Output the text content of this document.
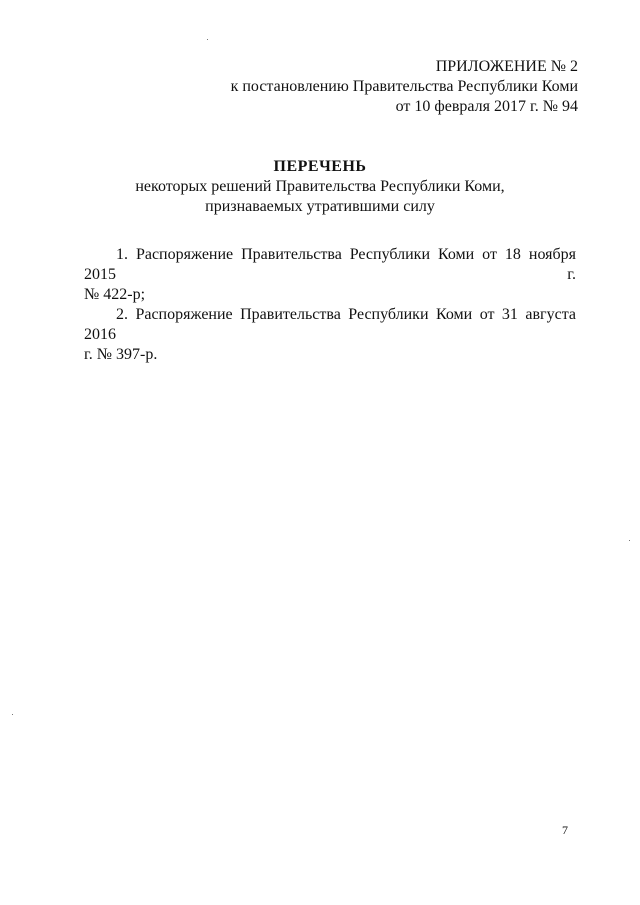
ПРИЛОЖЕНИЕ № 2
к постановлению Правительства Республики Коми
от 10 февраля 2017 г. № 94
ПЕРЕЧЕНЬ
некоторых решений Правительства Республики Коми,
признаваемых утратившими силу
1. Распоряжение Правительства Республики Коми от 18 ноября 2015 г.
№ 422-р;
2. Распоряжение Правительства Республики Коми от 31 августа 2016
г. № 397-р.
7
